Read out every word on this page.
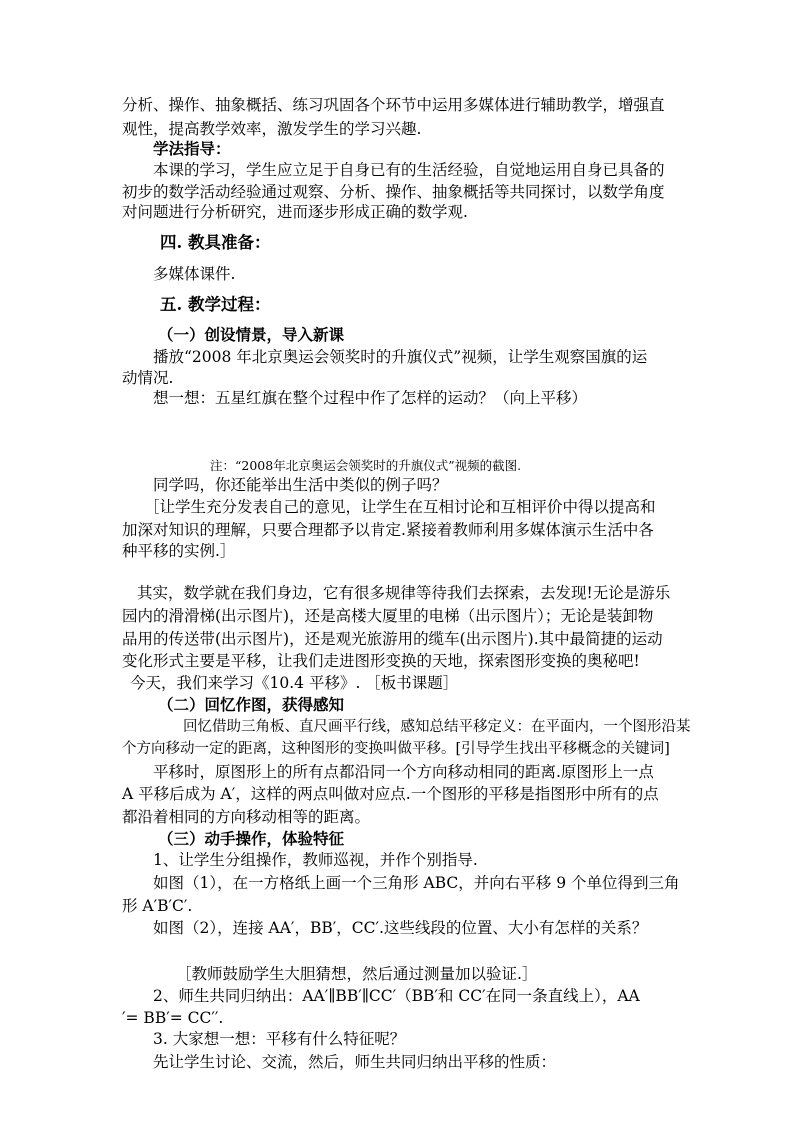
分析、操作、抽象概括、练习巩固各个环节中运用多媒体进行辅助教学，增强直
观性，提高教学效率，激发学生的学习兴趣.
学法指导：
本课的学习，学生应立足于自身已有的生活经验，自觉地运用自身已具备的
初步的数学活动经验通过观察、分析、操作、抽象概括等共同探讨，以数学角度
对问题进行分析研究，进而逐步形成正确的数学观.
四. 教具准备：
多媒体课件.
五. 教学过程：
（一）创设情景，导入新课
播放“2008 年北京奥运会领奖时的升旗仪式”视频，让学生观察国旗的运
动情况.
想一想：五星红旗在整个过程中作了怎样的运动？（向上平移）
注：“2008年北京奥运会领奖时的升旗仪式”视频的截图.
同学吗，你还能举出生活中类似的例子吗？
［让学生充分发表自己的意见，让学生在互相讨论和互相评价中得以提高和
加深对知识的理解，只要合理都予以肯定.紧接着教师利用多媒体演示生活中各
种平移的实例.］
其实，数学就在我们身边，它有很多规律等待我们去探索，去发现!无论是游乐
园内的滑滑梯(出示图片)，还是高楼大厦里的电梯（出示图片）；无论是装卸物
品用的传送带(出示图片)，还是观光旅游用的缆车(出示图片).其中最简捷的运动
变化形式主要是平移，让我们走进图形变换的天地，探索图形变换的奥秘吧!
今天，我们来学习《10.4 平移》. ［板书课题］
（二）回忆作图，获得感知
回忆借助三角板、直尺画平行线，感知总结平移定义：在平面内，一个图形沿某
个方向移动一定的距离，这种图形的变换叫做平移。[引导学生找出平移概念的关键词]
平移时，原图形上的所有点都沿同一个方向移动相同的距离.原图形上一点
A 平移后成为 A′，这样的两点叫做对应点.一个图形的平移是指图形中所有的点
都沿着相同的方向移动相等的距离。
（三）动手操作，体验特征
1、让学生分组操作，教师巡视，并作个别指导.
如图（1），在一方格纸上画一个三角形 ABC，并向右平移 9 个单位得到三角
形 A′B′C′.
如图（2），连接 AA′，BB′，CC′.这些线段的位置、大小有怎样的关系？
［教师鼓励学生大胆猜想，然后通过测量加以验证.］
2、师生共同归纳出：AA′∥BB′∥CC′（BB′和 CC′在同一条直线上），AA
′= BB′= CC′′.
3. 大家想一想：平移有什么特征呢？
先让学生讨论、交流，然后，师生共同归纳出平移的性质：
